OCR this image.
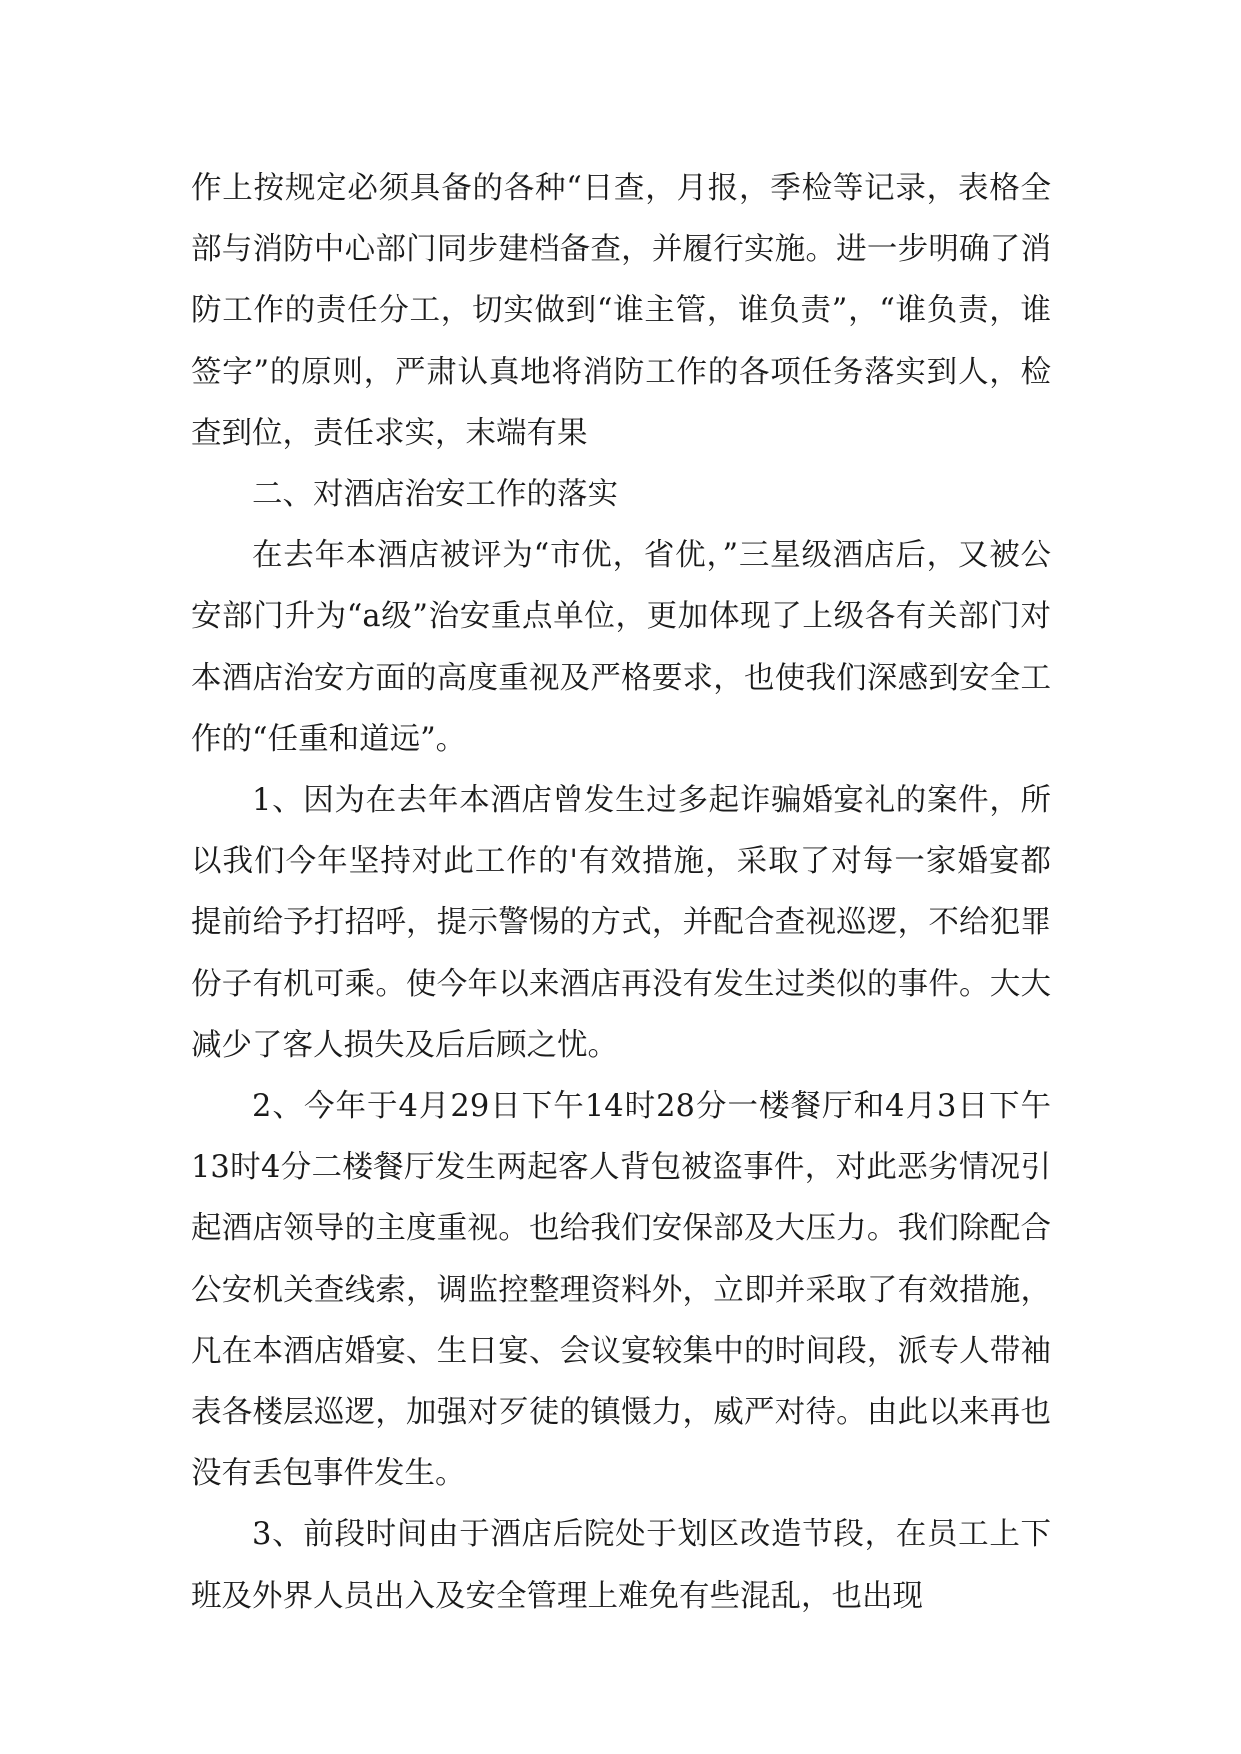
作上按规定必须具备的各种“日查，月报，季检等记录，表格全部与消防中心部门同步建档备查，并履行实施。进一步明确了消防工作的责任分工，切实做到“谁主管，谁负责”，“谁负责，谁签字”的原则，严肃认真地将消防工作的各项任务落实到人，检查到位，责任求实，末端有果

二、对酒店治安工作的落实

在去年本酒店被评为“市优，省优，”三星级酒店后，又被公安部门升为“a级”治安重点单位，更加体现了上级各有关部门对本酒店治安方面的高度重视及严格要求，也使我们深感到安全工作的“任重和道远”。

1、因为在去年本酒店曾发生过多起诈骗婚宴礼的案件，所以我们今年坚持对此工作的'有效措施，采取了对每一家婚宴都提前给予打招呼，提示警惕的方式，并配合查视巡逻，不给犯罪份子有机可乘。使今年以来酒店再没有发生过类似的事件。大大减少了客人损失及后后顾之忧。

2、今年于4月29日下午14时28分一楼餐厅和4月3日下午13时4分二楼餐厅发生两起客人背包被盗事件，对此恶劣情况引起酒店领导的主度重视。也给我们安保部及大压力。我们除配合公安机关查线索，调监控整理资料外，立即并采取了有效措施，凡在本酒店婚宴、生日宴、会议宴较集中的时间段，派专人带袖表各楼层巡逻，加强对歹徒的镇慑力，威严对待。由此以来再也没有丢包事件发生。

3、前段时间由于酒店后院处于划区改造节段，在员工上下班及外界人员出入及安全管理上难免有些混乱，也出现
